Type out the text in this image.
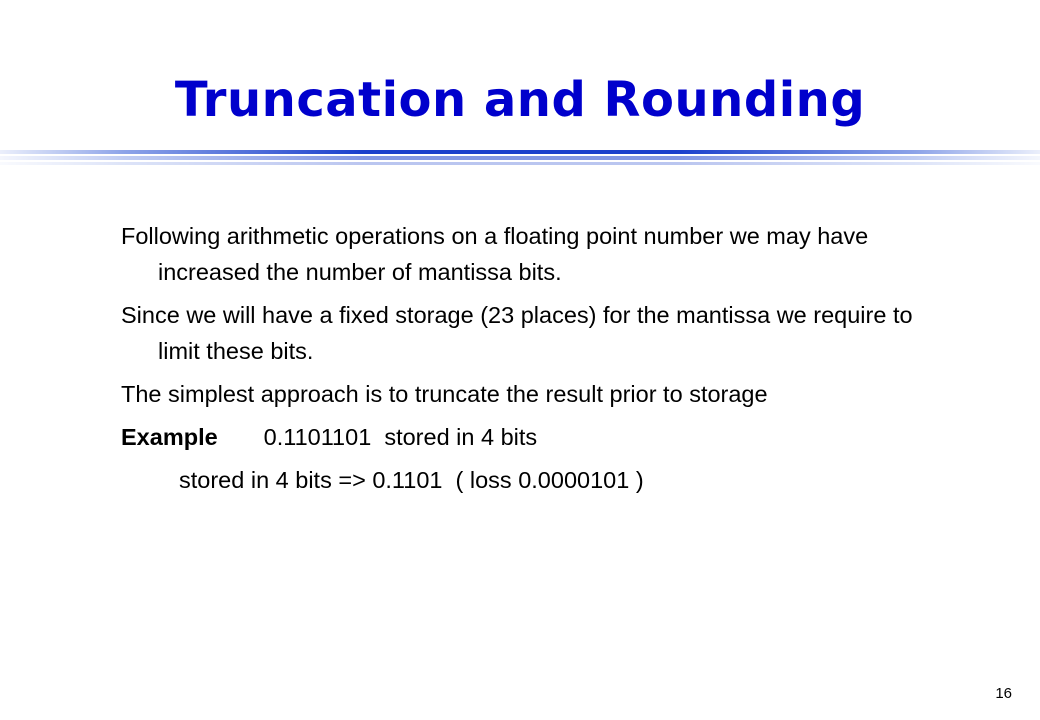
Truncation and Rounding

Following arithmetic operations on a floating point number we may have increased the number of mantissa bits.

Since we will have a fixed storage (23 places) for the mantissa we require to limit these bits.

The simplest approach is to truncate the result prior to storage

Example 0.1101101  stored in 4 bits

stored in 4 bits => 0.1101  ( loss 0.0000101 )

16
